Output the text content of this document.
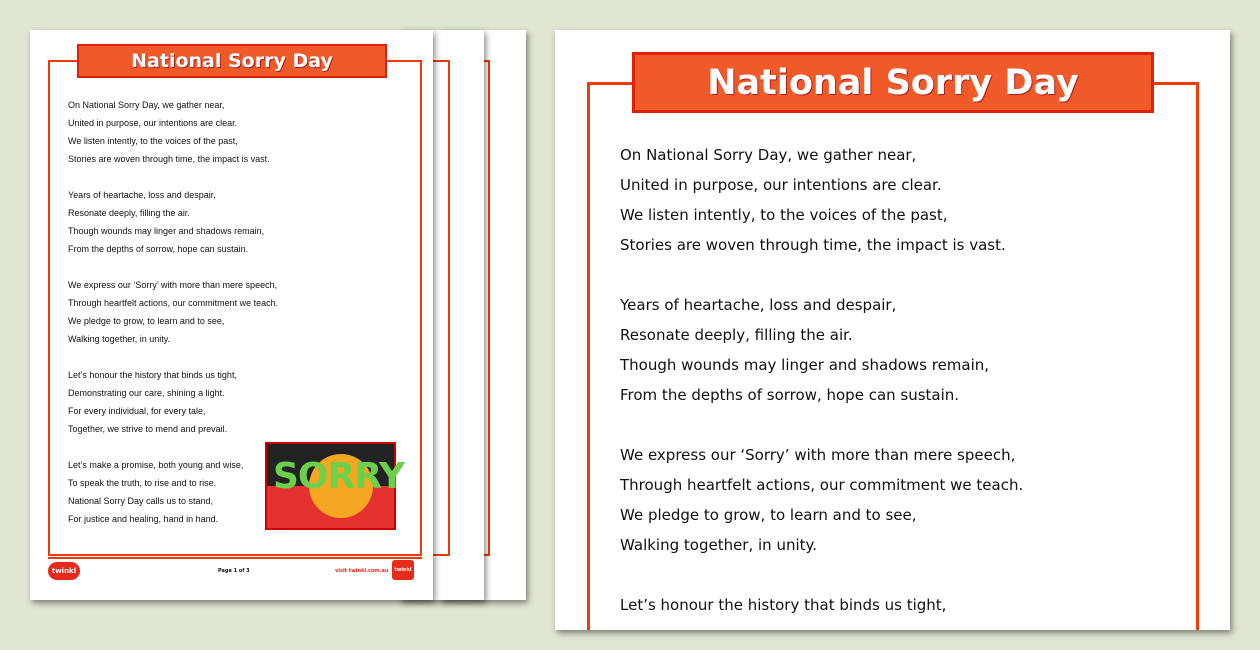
National Sorry Day
On National Sorry Day, we gather near,
United in purpose, our intentions are clear.
We listen intently, to the voices of the past,
Stories are woven through time, the impact is vast.
Years of heartache, loss and despair,
Resonate deeply, filling the air.
Though wounds may linger and shadows remain,
From the depths of sorrow, hope can sustain.
We express our ‘Sorry’ with more than mere speech,
Through heartfelt actions, our commitment we teach.
We pledge to grow, to learn and to see,
Walking together, in unity.
Let’s honour the history that binds us tight,
Demonstrating our care, shining a light.
For every individual, for every tale,
Together, we strive to mend and prevail.
Let’s make a promise, both young and wise,
To speak the truth, to rise and to rise.
National Sorry Day calls us to stand,
For justice and healing, hand in hand.
SORRY
twinkl	Page 1 of 3	visit twinkl.com.au	twinkl
National Sorry Day
On National Sorry Day, we gather near,
United in purpose, our intentions are clear.
We listen intently, to the voices of the past,
Stories are woven through time, the impact is vast.
Years of heartache, loss and despair,
Resonate deeply, filling the air.
Though wounds may linger and shadows remain,
From the depths of sorrow, hope can sustain.
We express our ‘Sorry’ with more than mere speech,
Through heartfelt actions, our commitment we teach.
We pledge to grow, to learn and to see,
Walking together, in unity.
Let’s honour the history that binds us tight,
